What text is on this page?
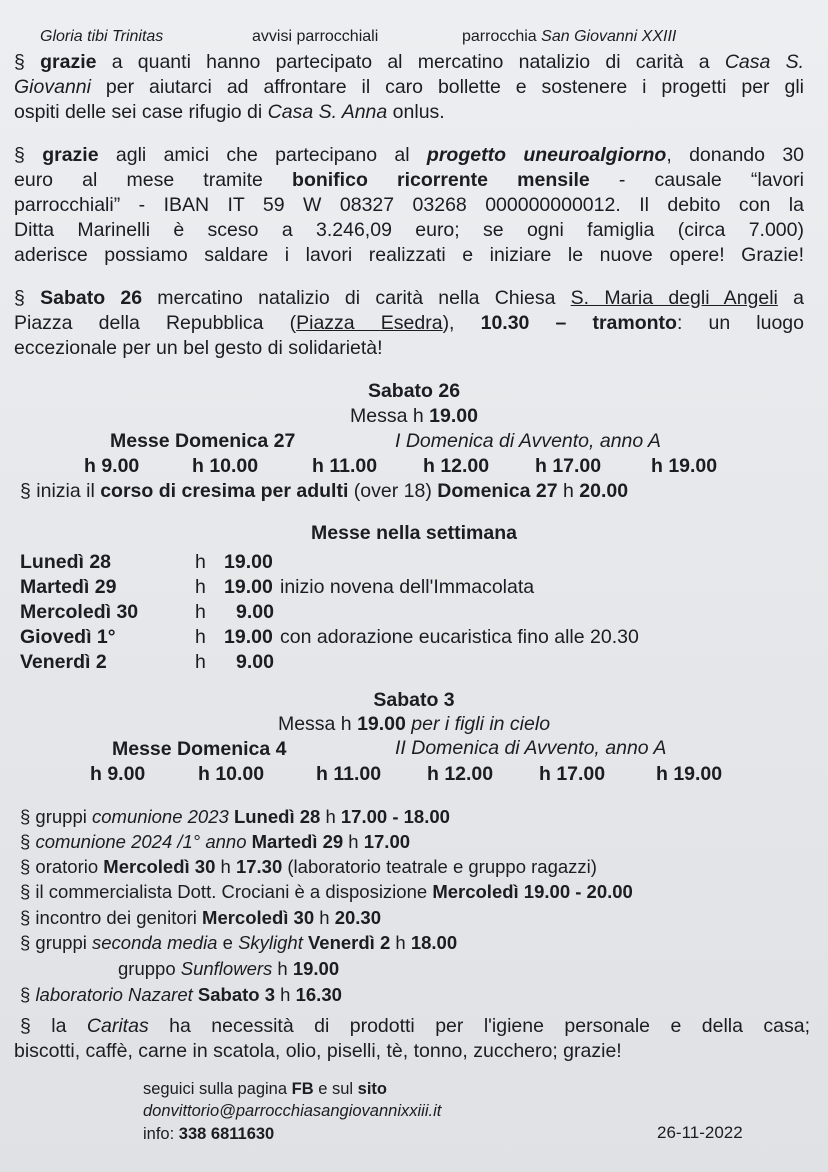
Gloria tibi Trinitas	avvisi parrocchiali	parrocchia San Giovanni XXIII
§ grazie a quanti hanno partecipato al mercatino natalizio di carità a Casa S.
Giovanni per aiutarci ad affrontare il caro bollette e sostenere i progetti per gli
ospiti delle sei case rifugio di Casa S. Anna onlus.
§ grazie agli amici che partecipano al progetto uneuroalgiorno, donando 30
euro al mese tramite bonifico ricorrente mensile - causale “lavori
parrocchiali” - IBAN IT 59 W 08327 03268 000000000012. Il debito con la
Ditta Marinelli è sceso a 3.246,09 euro; se ogni famiglia (circa 7.000)
aderisce possiamo saldare i lavori realizzati e iniziare le nuove opere! Grazie!
§ Sabato 26 mercatino natalizio di carità nella Chiesa S. Maria degli Angeli a
Piazza della Repubblica (Piazza Esedra), 10.30 – tramonto: un luogo
eccezionale per un bel gesto di solidarietà!
Sabato 26
Messa h 19.00
Messe Domenica 27	I Domenica di Avvento, anno A
h 9.00	h 10.00	h 11.00 h 12.00 h 17.00	h 19.00
§ inizia il corso di cresima per adulti (over 18) Domenica 27 h 20.00
Messe nella settimana
Lunedì 28	h 19.00
Martedì 29	h 19.00 inizio novena dell'Immacolata
Mercoledì 30	h 9.00
Giovedì 1°	h 19.00 con adorazione eucaristica fino alle 20.30
Venerdì 2	h 9.00
Sabato 3
Messa h 19.00 per i figli in cielo
Messe Domenica 4	II Domenica di Avvento, anno A
h 9.00	h 10.00	h 11.00 h 12.00 h 17.00	h 19.00
§ gruppi comunione 2023 Lunedì 28 h 17.00 - 18.00
§ comunione 2024 /1° anno Martedì 29 h 17.00
§ oratorio Mercoledì 30 h 17.30 (laboratorio teatrale e gruppo ragazzi)
§ il commercialista Dott. Crociani è a disposizione Mercoledì 19.00 - 20.00
§ incontro dei genitori Mercoledì 30 h 20.30
§ gruppi seconda media e Skylight Venerdì 2 h 18.00
gruppo Sunflowers h 19.00
§ laboratorio Nazaret Sabato 3 h 16.30
§ la Caritas ha necessità di prodotti per l'igiene personale e della casa;
biscotti, caffè, carne in scatola, olio, piselli, tè, tonno, zucchero; grazie!
seguici sulla pagina FB e sul sito
donvittorio@parrocchiasangiovannixxiii.it
info: 338 6811630	26-11-2022
